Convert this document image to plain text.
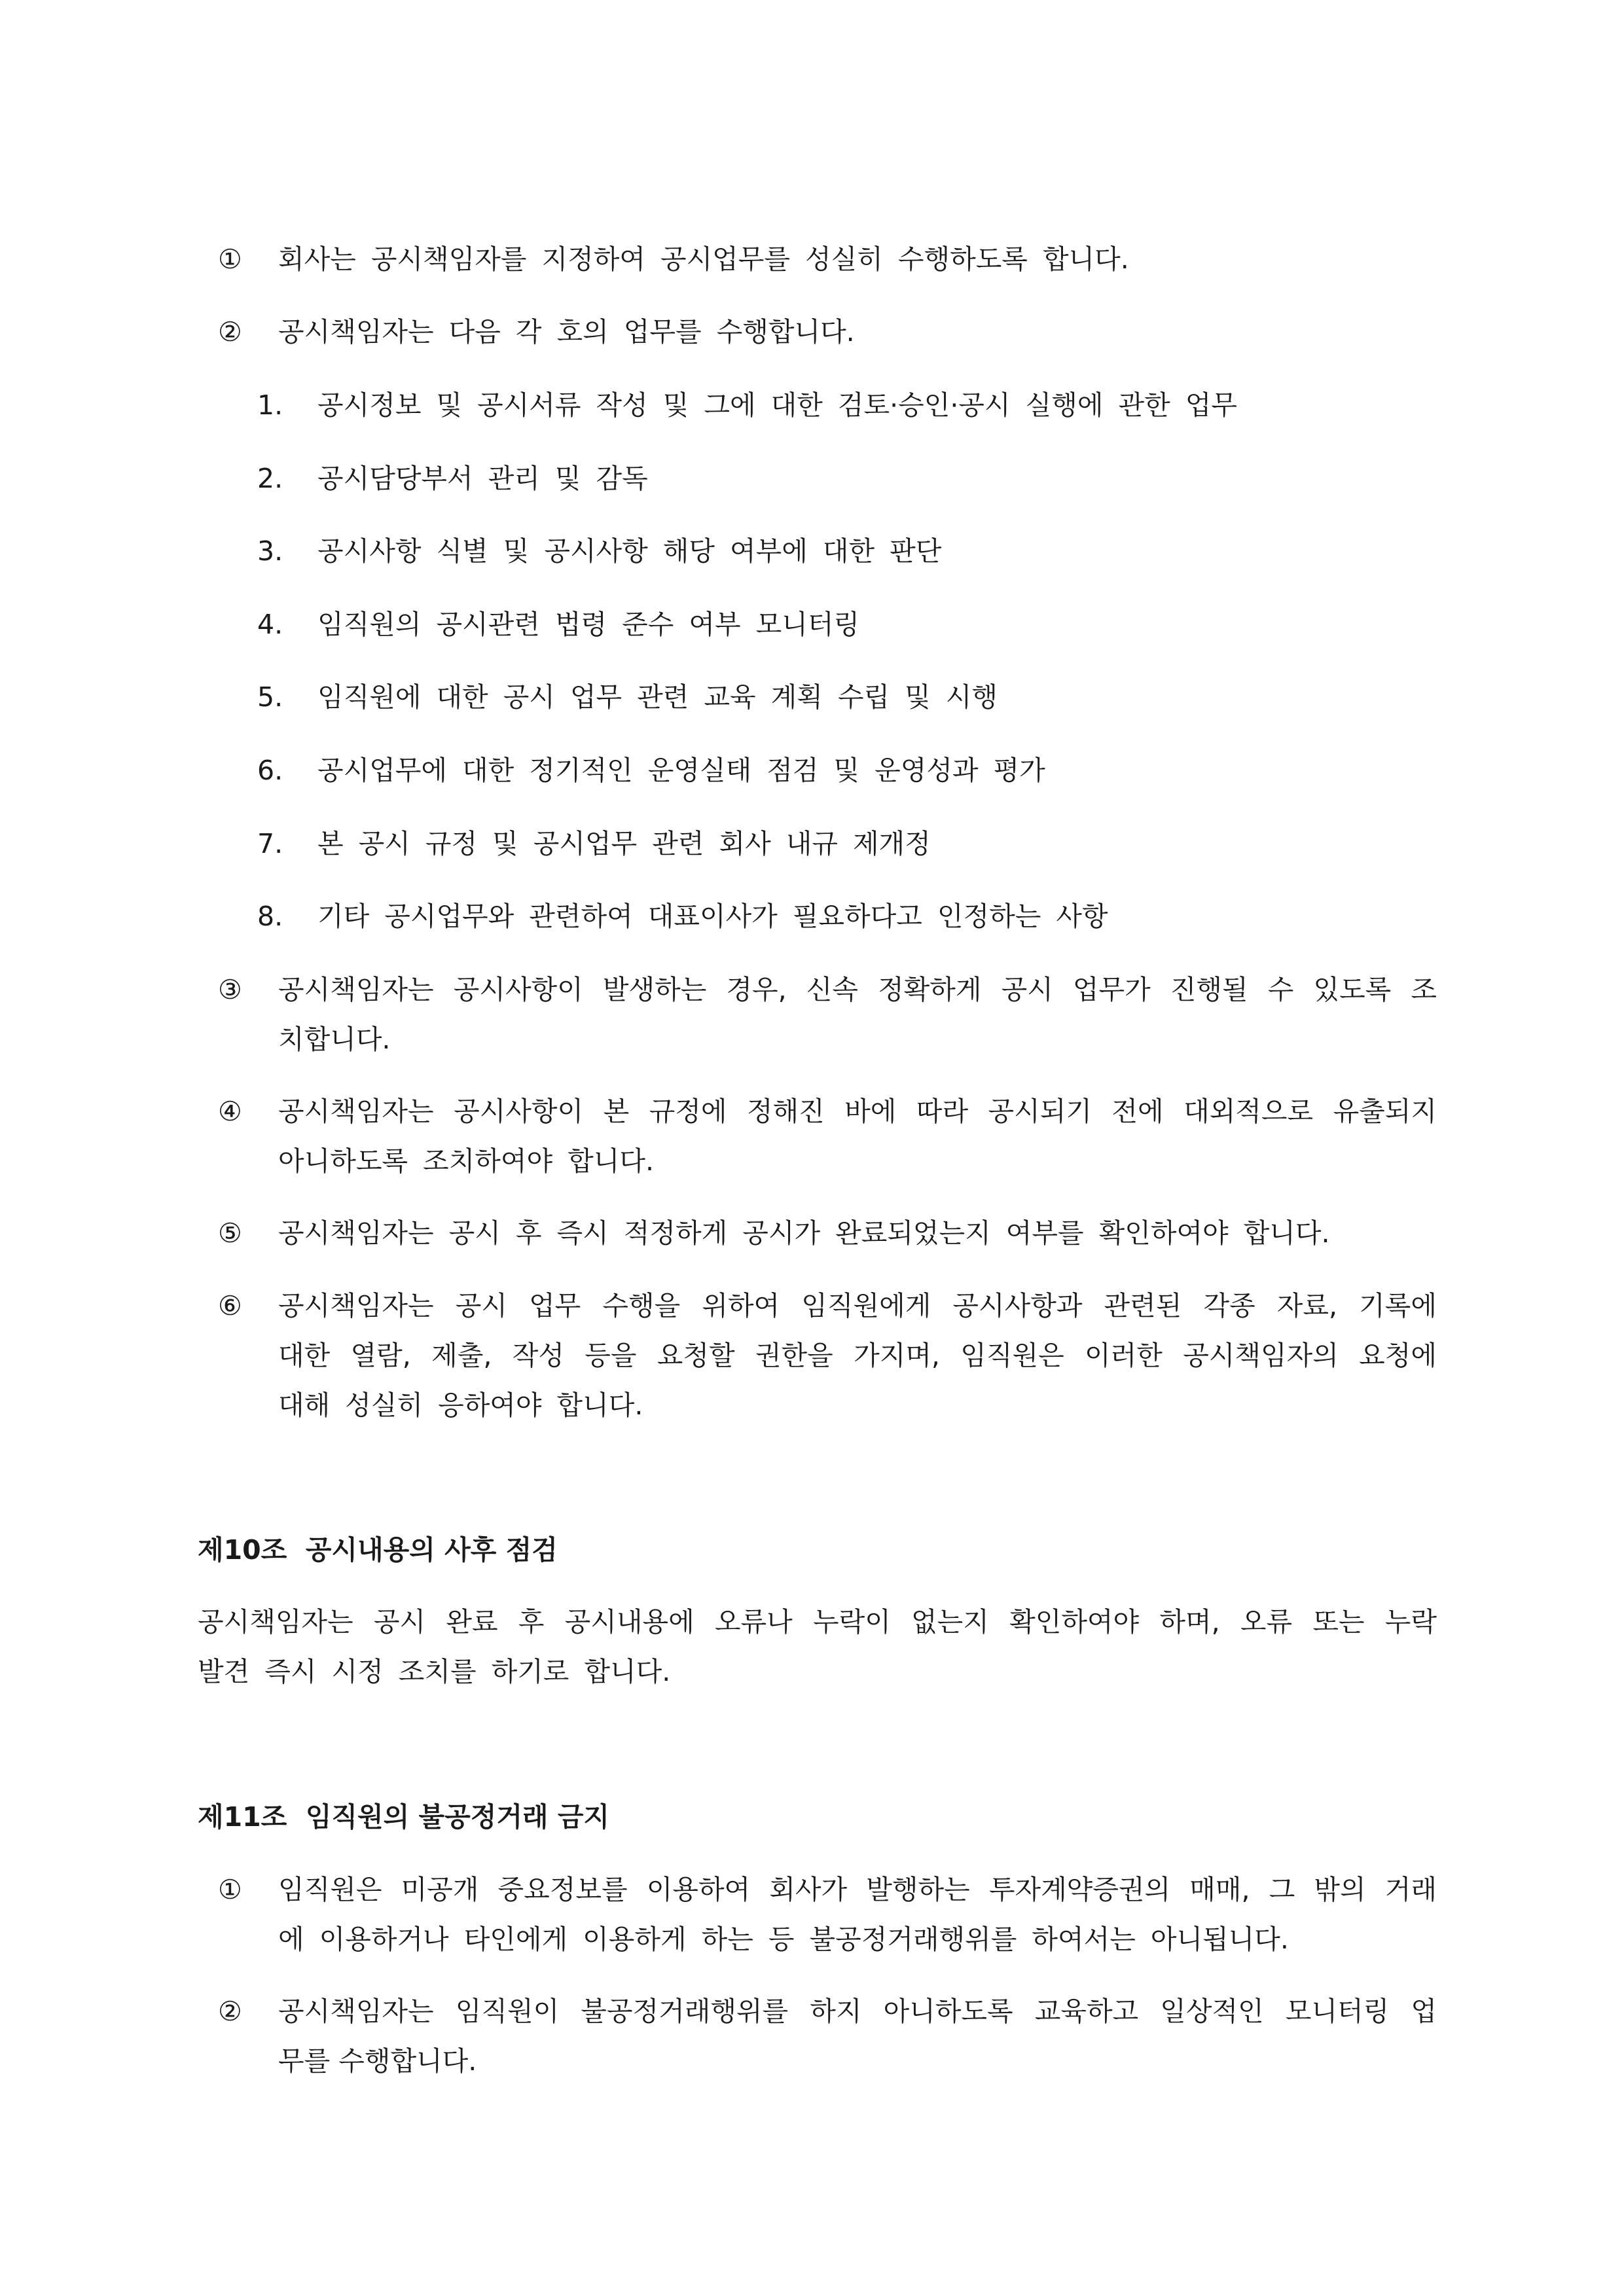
① 회사는 공시책임자를 지정하여 공시업무를 성실히 수행하도록 합니다.
② 공시책임자는 다음 각 호의 업무를 수행합니다.
1. 공시정보 및 공시서류 작성 및 그에 대한 검토·승인·공시 실행에 관한 업무
2. 공시담당부서 관리 및 감독
3. 공시사항 식별 및 공시사항 해당 여부에 대한 판단
4. 임직원의 공시관련 법령 준수 여부 모니터링
5. 임직원에 대한 공시 업무 관련 교육 계획 수립 및 시행
6. 공시업무에 대한 정기적인 운영실태 점검 및 운영성과 평가
7. 본 공시 규정 및 공시업무 관련 회사 내규 제개정
8. 기타 공시업무와 관련하여 대표이사가 필요하다고 인정하는 사항
③ 공시책임자는 공시사항이 발생하는 경우, 신속 정확하게 공시 업무가 진행될 수 있도록 조
치합니다.
④ 공시책임자는 공시사항이 본 규정에 정해진 바에 따라 공시되기 전에 대외적으로 유출되지
아니하도록 조치하여야 합니다.
⑤ 공시책임자는 공시 후 즉시 적정하게 공시가 완료되었는지 여부를 확인하여야 합니다.
⑥ 공시책임자는 공시 업무 수행을 위하여 임직원에게 공시사항과 관련된 각종 자료, 기록에
대한 열람, 제출, 작성 등을 요청할 권한을 가지며, 임직원은 이러한 공시책임자의 요청에
대해 성실히 응하여야 합니다.
제10조  공시내용의 사후 점검
공시책임자는 공시 완료 후 공시내용에 오류나 누락이 없는지 확인하여야 하며, 오류 또는 누락
발견 즉시 시정 조치를 하기로 합니다.
제11조  임직원의 불공정거래 금지
① 임직원은 미공개 중요정보를 이용하여 회사가 발행하는 투자계약증권의 매매, 그 밖의 거래
에 이용하거나 타인에게 이용하게 하는 등 불공정거래행위를 하여서는 아니됩니다.
② 공시책임자는 임직원이 불공정거래행위를 하지 아니하도록 교육하고 일상적인 모니터링 업
무를 수행합니다.
